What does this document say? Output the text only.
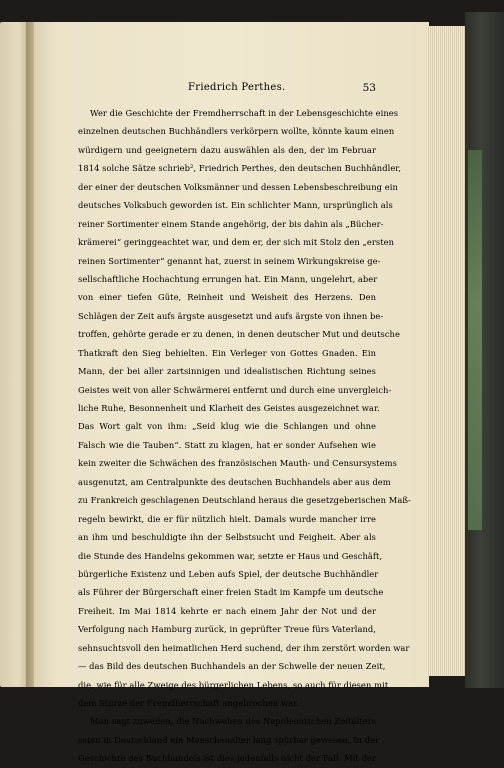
Friedrich Perthes.	53
Wer die Geschichte der Fremdherrschaft in der Lebensgeschichte eines
einzelnen deutschen Buchhändlers verkörpern wollte, könnte kaum einen
würdigern und geeignetern dazu auswählen als den, der im Februar
1814 solche Sätze schrieb², Friedrich Perthes, den deutschen Buchhändler,
der einer der deutschen Volksmänner und dessen Lebensbeschreibung ein
deutsches Volksbuch geworden ist. Ein schlichter Mann, ursprünglich als
reiner Sortimenter einem Stande angehörig, der bis dahin als „Bücher-
krämerei“ geringgeachtet war, und dem er, der sich mit Stolz den „ersten
reinen Sortimenter“ genannt hat, zuerst in seinem Wirkungskreise ge-
sellschaftliche Hochachtung errungen hat. Ein Mann, ungelehrt, aber
von einer tiefen Güte, Reinheit und Weisheit des Herzens. Den
Schlägen der Zeit aufs ärgste ausgesetzt und aufs ärgste von ihnen be-
troffen, gehörte gerade er zu denen, in denen deutscher Mut und deutsche
Thatkraft den Sieg behielten. Ein Verleger von Gottes Gnaden. Ein
Mann, der bei aller zartsinnigen und idealistischen Richtung seines
Geistes weit von aller Schwärmerei entfernt und durch eine unverglеich-
liche Ruhe, Besonnenheit und Klarheit des Geistes ausgezeichnet war.
Das Wort galt von ihm: „Seid klug wie die Schlangen und ohne
Falsch wie die Tauben“. Statt zu klagen, hat er sonder Aufsehen wie
kein zweiter die Schwächen des französischen Mauth- und Censursystems
ausgenutzt, am Centralpunkte des deutschen Buchhandels aber aus dem
zu Frankreich geschlagenen Deutschland heraus die gesetzgeberischen Maß-
regeln bewirkt, die er für nützlich hielt. Damals wurde mancher irre
an ihm und beschuldigte ihn der Selbstsucht und Feigheit. Aber als
die Stunde des Handelns gekommen war, setzte er Haus und Geschäft,
bürgerliche Existenz und Leben aufs Spiel, der deutsche Buchhändler
als Führer der Bürgerschaft einer freien Stadt im Kampfe um deutsche
Freiheit. Im Mai 1814 kehrte er nach einem Jahr der Not und der
Verfolgung nach Hamburg zurück, in geprüfter Treue fürs Vaterland,
sehnsuchtsvoll den heimatlichen Herd suchend, der ihm zerstört worden war
— das Bild des deutschen Buchhandels an der Schwelle der neuen Zeit,
die, wie für alle Zweige des bürgerlichen Lebens, so auch für diesen mit
dem Sturze der Fremdherrschaft angebrochen war.
Man sagt zuweilen, die Nachwehen des Napoleonischen Zeitalters
seien in Deutschland ein Menschenalter lang spürbar gewesen. In der
Geschichte des Buchhandels ist dies jedenfalls nicht der Fall. Mit der
